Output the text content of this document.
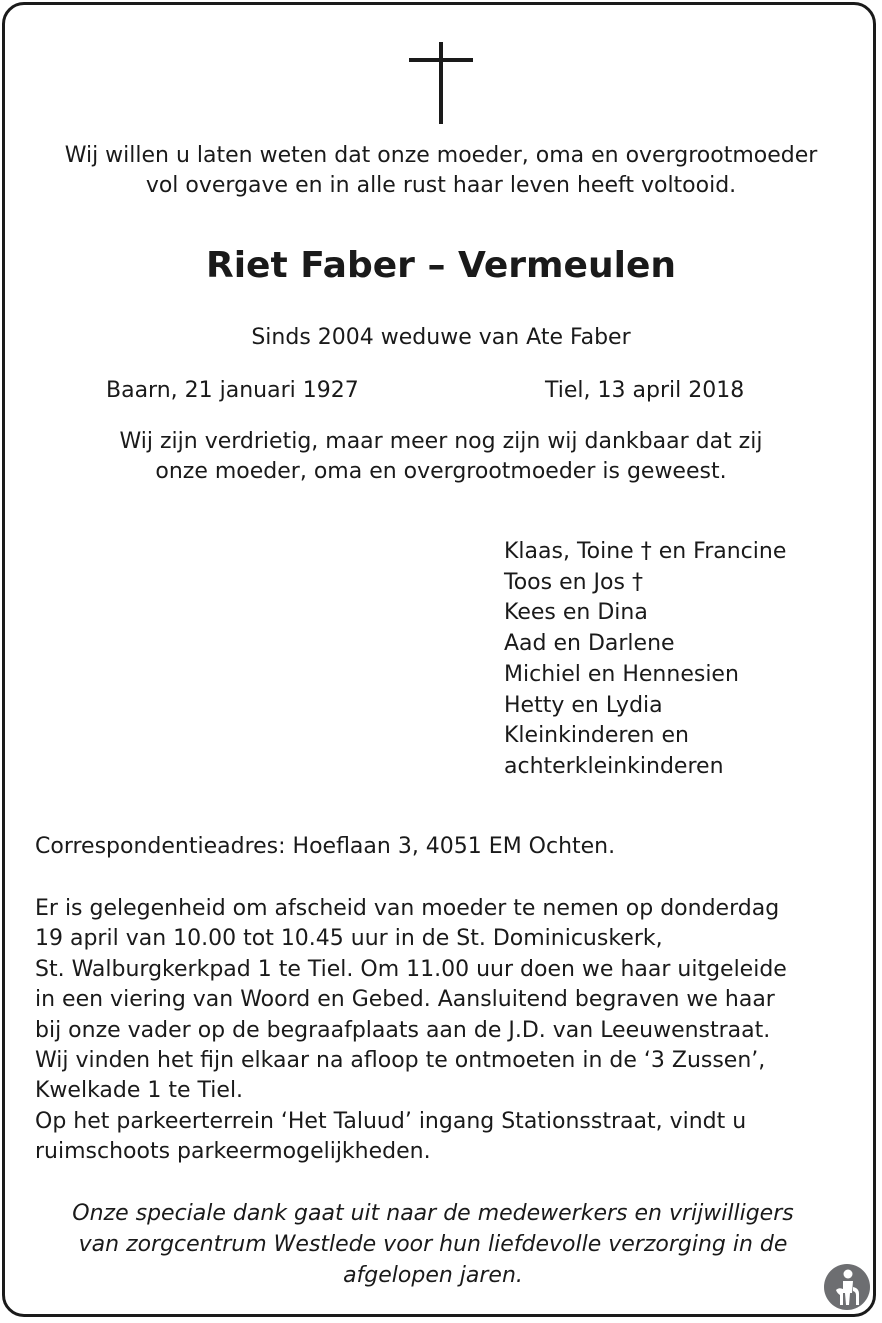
Wij willen u laten weten dat onze moeder, oma en overgrootmoeder
vol overgave en in alle rust haar leven heeft voltooid.
Riet Faber – Vermeulen
Sinds 2004 weduwe van Ate Faber
Baarn, 21 januari 1927	Tiel, 13 april 2018
Wij zijn verdrietig, maar meer nog zijn wij dankbaar dat zij
onze moeder, oma en overgrootmoeder is geweest.
Klaas, Toine † en Francine
Toos en Jos †
Kees en Dina
Aad en Darlene
Michiel en Hennesien
Hetty en Lydia
Kleinkinderen en
achterkleinkinderen
Correspondentieadres: Hoeflaan 3, 4051 EM Ochten.
Er is gelegenheid om afscheid van moeder te nemen op donderdag
19 april van 10.00 tot 10.45 uur in de St. Dominicuskerk,
St. Walburgkerkpad 1 te Tiel. Om 11.00 uur doen we haar uitgeleide
in een viering van Woord en Gebed. Aansluitend begraven we haar
bij onze vader op de begraafplaats aan de J.D. van Leeuwenstraat.
Wij vinden het fijn elkaar na afloop te ontmoeten in de ‘3 Zussen’,
Kwelkade 1 te Tiel.
Op het parkeerterrein ‘Het Taluud’ ingang Stationsstraat, vindt u
ruimschoots parkeermogelijkheden.
Onze speciale dank gaat uit naar de medewerkers en vrijwilligers
van zorgcentrum Westlede voor hun liefdevolle verzorging in de
afgelopen jaren.
